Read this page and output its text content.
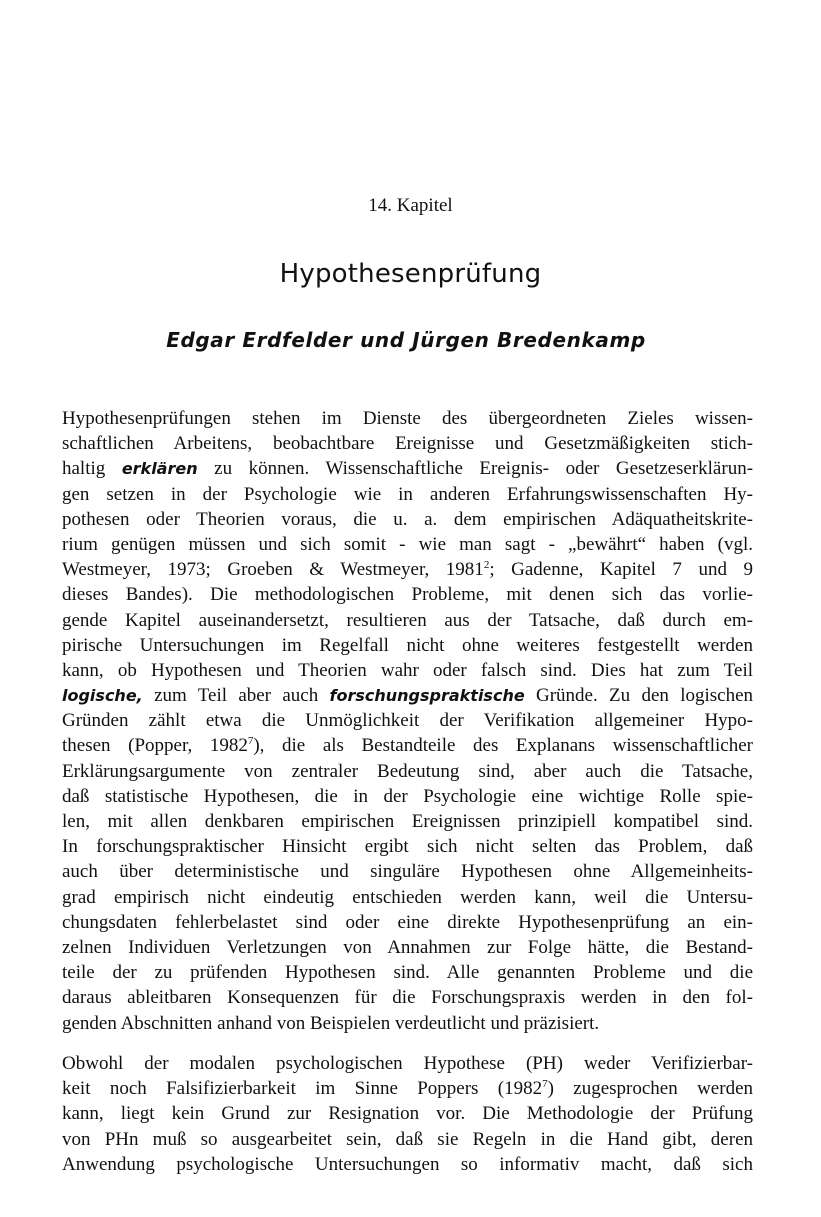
14. Kapitel
Hypothesenprüfung
Edgar Erdfelder und Jürgen Bredenkamp
Hypothesenprüfungen stehen im Dienste des übergeordneten Zieles wissen-
schaftlichen Arbeitens, beobachtbare Ereignisse und Gesetzmäßigkeiten stich-
haltig erklären zu können. Wissenschaftliche Ereignis- oder Gesetzeserklärun-
gen setzen in der Psychologie wie in anderen Erfahrungswissenschaften Hy-
pothesen oder Theorien voraus, die u. a. dem empirischen Adäquatheitskrite-
rium genügen müssen und sich somit - wie man sagt - „bewährt“ haben (vgl.
Westmeyer, 1973; Groeben & Westmeyer, 1981$^2$; Gadenne, Kapitel 7 und 9
dieses Bandes). Die methodologischen Probleme, mit denen sich das vorlie-
gende Kapitel auseinandersetzt, resultieren aus der Tatsache, daß durch em-
pirische Untersuchungen im Regelfall nicht ohne weiteres festgestellt werden
kann, ob Hypothesen und Theorien wahr oder falsch sind. Dies hat zum Teil
logische, zum Teil aber auch forschungspraktische Gründe. Zu den logischen
Gründen zählt etwa die Unmöglichkeit der Verifikation allgemeiner Hypo-
thesen (Popper, 1982$^7$), die als Bestandteile des Explanans wissenschaftlicher
Erklärungsargumente von zentraler Bedeutung sind, aber auch die Tatsache,
daß statistische Hypothesen, die in der Psychologie eine wichtige Rolle spie-
len, mit allen denkbaren empirischen Ereignissen prinzipiell kompatibel sind.
In forschungspraktischer Hinsicht ergibt sich nicht selten das Problem, daß
auch über deterministische und singuläre Hypothesen ohne Allgemeinheits-
grad empirisch nicht eindeutig entschieden werden kann, weil die Untersu-
chungsdaten fehlerbelastet sind oder eine direkte Hypothesenprüfung an ein-
zelnen Individuen Verletzungen von Annahmen zur Folge hätte, die Bestand-
teile der zu prüfenden Hypothesen sind. Alle genannten Probleme und die
daraus ableitbaren Konsequenzen für die Forschungspraxis werden in den fol-
genden Abschnitten anhand von Beispielen verdeutlicht und präzisiert.
Obwohl der modalen psychologischen Hypothese (PH) weder Verifizierbar-
keit noch Falsifizierbarkeit im Sinne Poppers (1982$^7$) zugesprochen werden
kann, liegt kein Grund zur Resignation vor. Die Methodologie der Prüfung
von PHn muß so ausgearbeitet sein, daß sie Regeln in die Hand gibt, deren
Anwendung psychologische Untersuchungen so informativ macht, daß sich
